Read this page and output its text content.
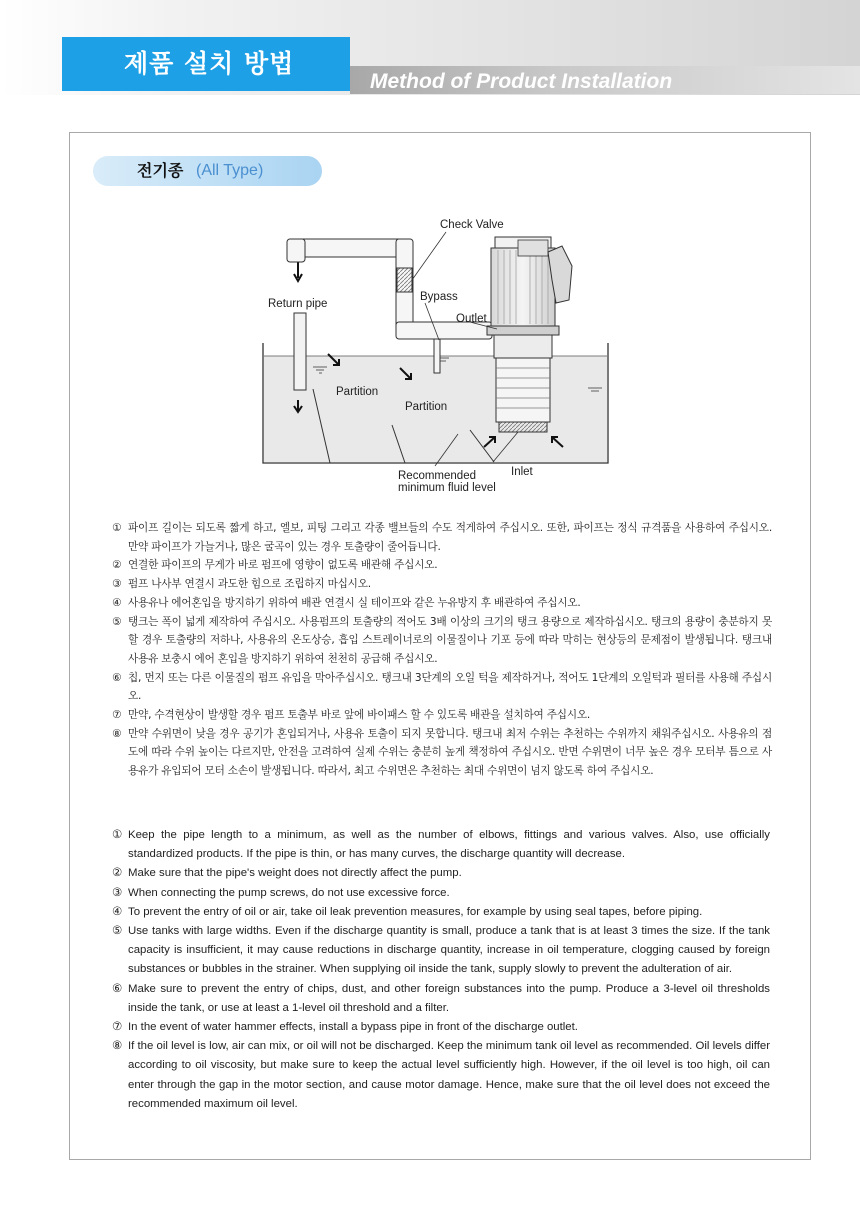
제품 설치 방법
Method of Product Installation
전기종 (All Type)
Check Valve
Bypass
Outlet
Return pipe
Partition
Partition
Recommended
minimum fluid level
Inlet
① 파이프 길이는 되도록 짧게 하고, 엘보, 피팅 그리고 각종 밸브들의 수도 적게하여 주십시오. 또한, 파이프는 정식 규격품을 사용하여 주십시오. 만약 파이프가 가늘거나, 많은 굴곡이 있는 경우 토출량이 줄어듭니다.
② 연결한 파이프의 무게가 바로 펌프에 영향이 없도록 배관해 주십시오.
③ 펌프 나사부 연결시 과도한 힘으로 조립하지 마십시오.
④ 사용유나 에어혼입을 방지하기 위하여 배관 연결시 실 테이프와 같은 누유방지 후 배관하여 주십시오.
⑤ 탱크는 폭이 넓게 제작하여 주십시오. 사용펌프의 토출량의 적어도 3배 이상의 크기의 탱크 용량으로 제작하십시오. 탱크의 용량이 충분하지 못할 경우 토출량의 저하나, 사용유의 온도상승, 흡입 스트레이너로의 이물질이나 기포 등에 따라 막히는 현상등의 문제점이 발생됩니다. 탱크내 사용유 보충시 에어 혼입을 방지하기 위하여 천천히 공급해 주십시오.
⑥ 칩, 먼지 또는 다른 이물질의 펌프 유입을 막아주십시오. 탱크내 3단계의 오일 턱을 제작하거나, 적어도 1단계의 오일턱과 필터를 사용해 주십시오.
⑦ 만약, 수격현상이 발생할 경우 펌프 토출부 바로 앞에 바이패스 할 수 있도록 배관을 설치하여 주십시오.
⑧ 만약 수위면이 낮을 경우 공기가 혼입되거나, 사용유 토출이 되지 못합니다. 탱크내 최저 수위는 추천하는 수위까지 채워주십시오. 사용유의 점도에 따라 수위 높이는 다르지만, 안전을 고려하여 실제 수위는 충분히 높게 책정하여 주십시오. 반면 수위면이 너무 높은 경우 모터부 틈으로 사용유가 유입되어 모터 소손이 발생됩니다. 따라서, 최고 수위면은 추천하는 최대 수위면이 넘지 않도록 하여 주십시오.
① Keep the pipe length to a minimum, as well as the number of elbows, fittings and various valves. Also, use officially standardized products. If the pipe is thin, or has many curves, the discharge quantity will decrease.
② Make sure that the pipe's weight does not directly affect the pump.
③ When connecting the pump screws, do not use excessive force.
④ To prevent the entry of oil or air, take oil leak prevention measures, for example by using seal tapes, before piping.
⑤ Use tanks with large widths. Even if the discharge quantity is small, produce a tank that is at least 3 times the size. If the tank capacity is insufficient, it may cause reductions in discharge quantity, increase in oil temperature, clogging caused by foreign substances or bubbles in the strainer. When supplying oil inside the tank, supply slowly to prevent the adulteration of air.
⑥ Make sure to prevent the entry of chips, dust, and other foreign substances into the pump. Produce a 3-level oil thresholds inside the tank, or use at least a 1-level oil threshold and a filter.
⑦ In the event of water hammer effects, install a bypass pipe in front of the discharge outlet.
⑧ If the oil level is low, air can mix, or oil will not be discharged. Keep the minimum tank oil level as recommended. Oil levels differ according to oil viscosity, but make sure to keep the actual level sufficiently high. However, if the oil level is too high, oil can enter through the gap in the motor section, and cause motor damage. Hence, make sure that the oil level does not exceed the recommended maximum oil level.
